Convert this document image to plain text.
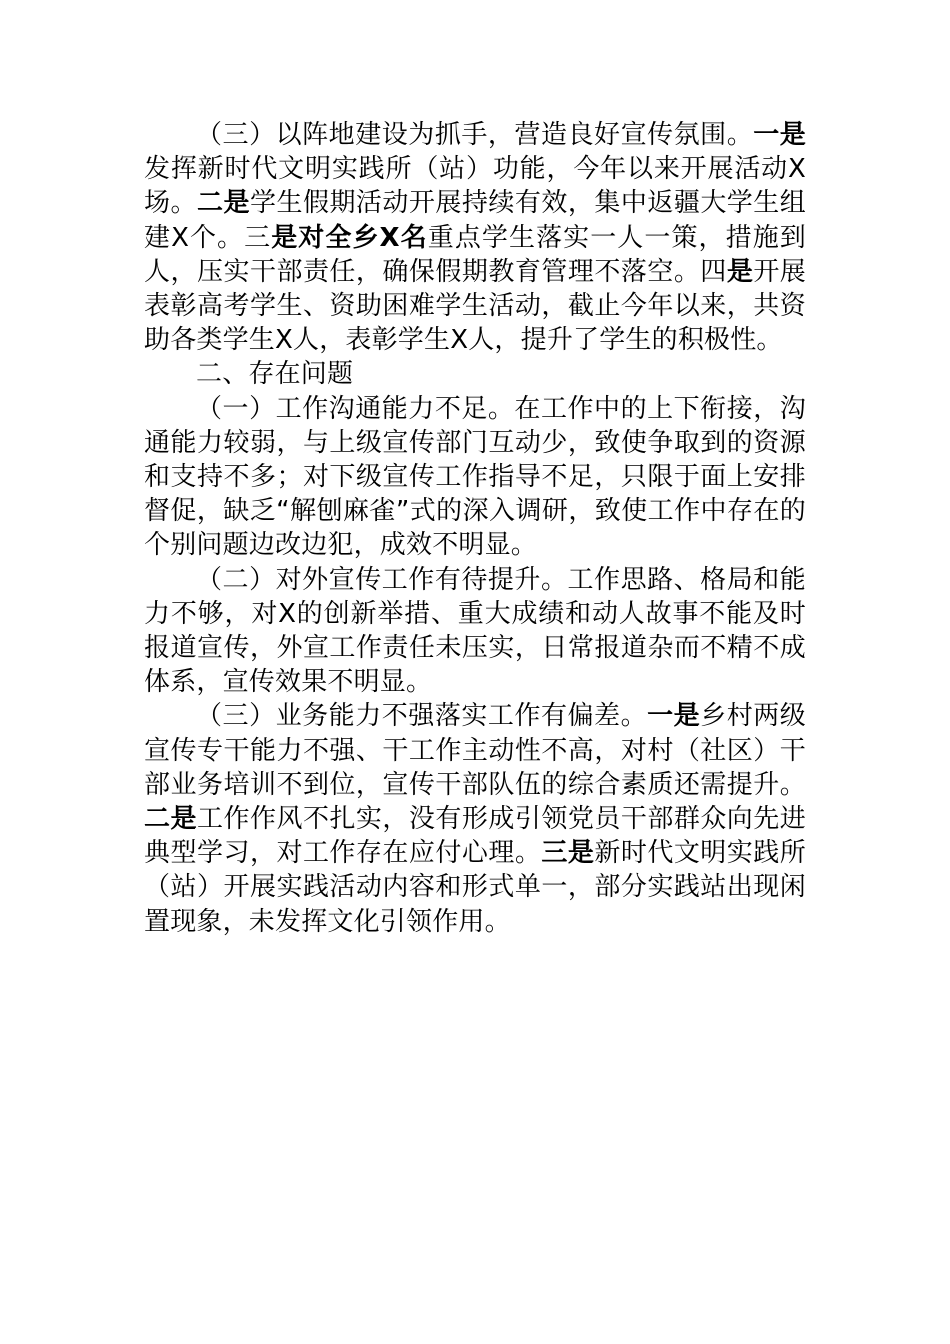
（三）以阵地建设为抓手，营造良好宣传氛围。一是发挥新时代文明实践所（站）功能，今年以来开展活动X场。二是学生假期活动开展持续有效，集中返疆大学生组建X个。三是对全乡X名重点学生落实一人一策，措施到人，压实干部责任，确保假期教育管理不落空。四是开展表彰高考学生、资助困难学生活动，截止今年以来，共资助各类学生X人，表彰学生X人，提升了学生的积极性。

二、存在问题

（一）工作沟通能力不足。在工作中的上下衔接，沟通能力较弱，与上级宣传部门互动少，致使争取到的资源和支持不多；对下级宣传工作指导不足，只限于面上安排督促，缺乏“解刨麻雀”式的深入调研，致使工作中存在的个别问题边改边犯，成效不明显。

（二）对外宣传工作有待提升。工作思路、格局和能力不够，对X的创新举措、重大成绩和动人故事不能及时报道宣传，外宣工作责任未压实，日常报道杂而不精不成体系，宣传效果不明显。

（三）业务能力不强落实工作有偏差。一是乡村两级宣传专干能力不强、干工作主动性不高，对村（社区）干部业务培训不到位，宣传干部队伍的综合素质还需提升。二是工作作风不扎实，没有形成引领党员干部群众向先进典型学习，对工作存在应付心理。三是新时代文明实践所（站）开展实践活动内容和形式单一，部分实践站出现闲置现象，未发挥文化引领作用。
